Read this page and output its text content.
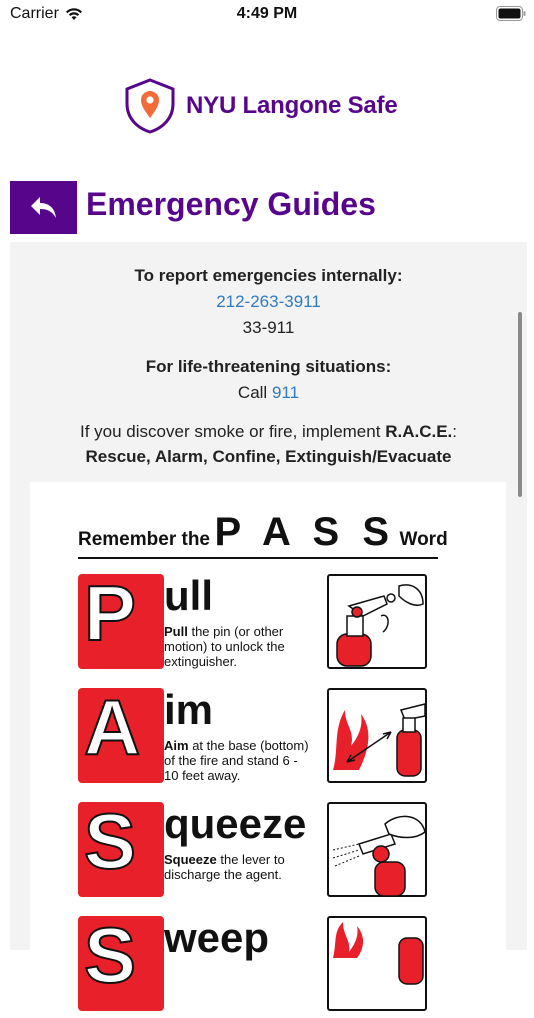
Carrier	4:49 PM
NYU Langone Safe
Emergency Guides
To report emergencies internally:
212-263-3911
33-911
For life-threatening situations:
Call 911
If you discover smoke or fire, implement R.A.C.E.:
Rescue, Alarm, Confine, Extinguish/Evacuate
Remember the P A S S Word
P ull
Pull the pin (or other motion) to unlock the extinguisher.
A im
Aim at the base (bottom) of the fire and stand 6 - 10 feet away.
S queeze
Squeeze the lever to discharge the agent.
S weep
